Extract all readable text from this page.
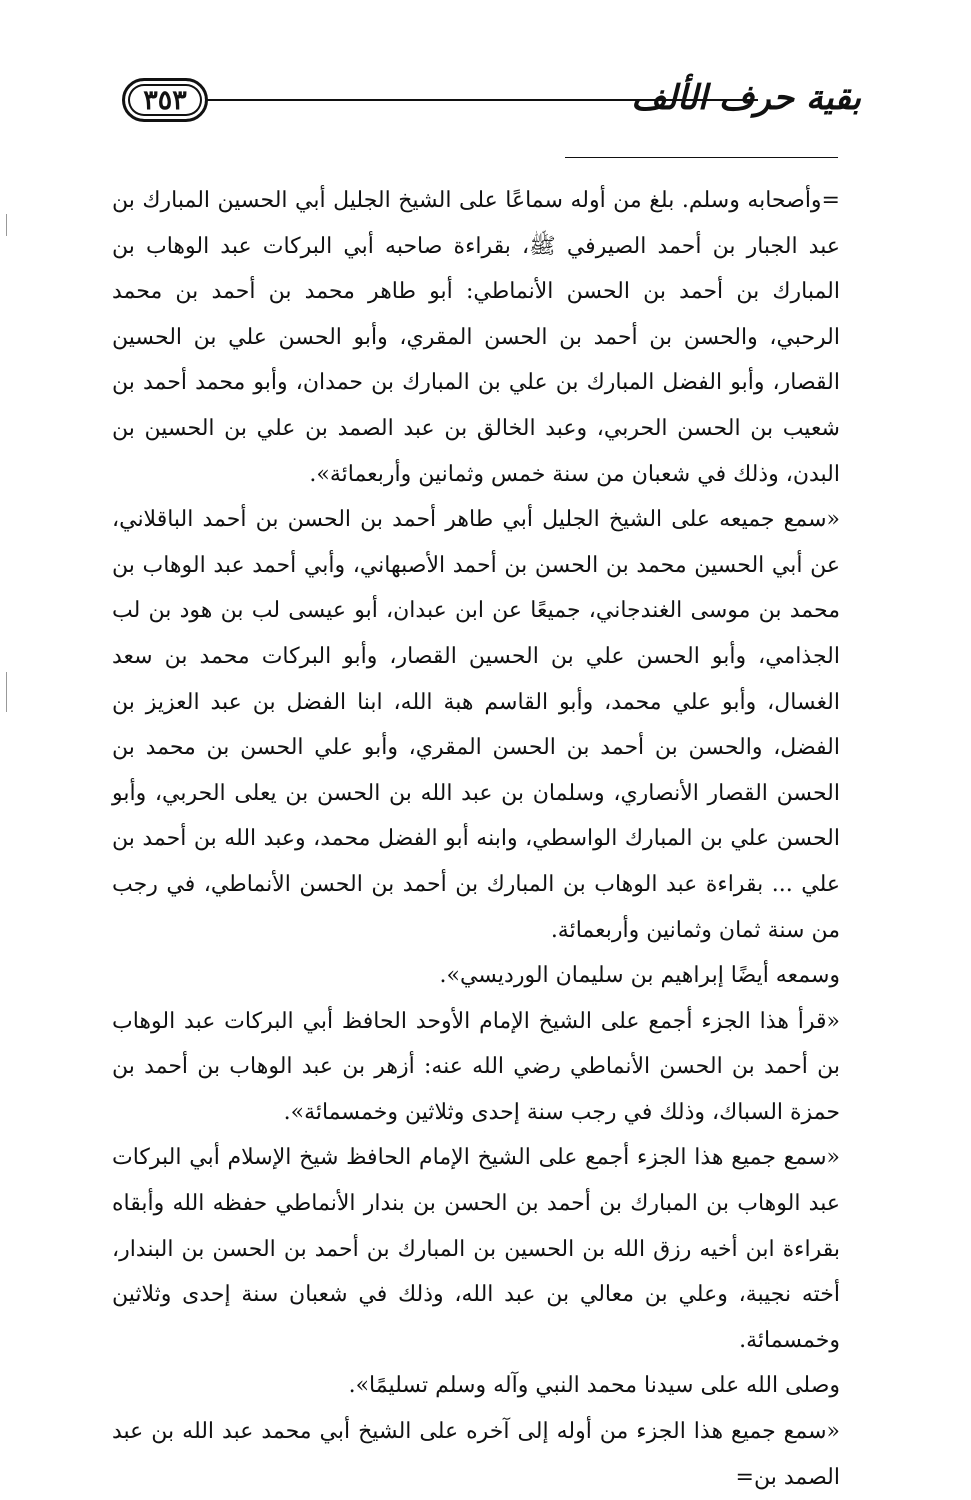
٣٥٣	بقية حرف الألف

=وأصحابه وسلم. بلغ من أوله سماعًا على الشيخ الجليل أبي الحسين المبارك بن عبد الجبار بن أحمد الصيرفي ﷺ، بقراءة صاحبه أبي البركات عبد الوهاب بن المبارك بن أحمد بن الحسن الأنماطي: أبو طاهر محمد بن أحمد بن محمد الرحبي، والحسن بن أحمد بن الحسن المقري، وأبو الحسن علي بن الحسين القصار، وأبو الفضل المبارك بن علي بن المبارك بن حمدان، وأبو محمد أحمد بن شعيب بن الحسن الحربي، وعبد الخالق بن عبد الصمد بن علي بن الحسين بن البدن، وذلك في شعبان من سنة خمس وثمانين وأربعمائة».

«سمع جميعه على الشيخ الجليل أبي طاهر أحمد بن الحسن بن أحمد الباقلاني، عن أبي الحسين محمد بن الحسن بن أحمد الأصبهاني، وأبي أحمد عبد الوهاب بن محمد بن موسى الغندجاني، جميعًا عن ابن عبدان، أبو عيسى لب بن هود بن لب الجذامي، وأبو الحسن علي بن الحسين القصار، وأبو البركات محمد بن سعد الغسال، وأبو علي محمد، وأبو القاسم هبة الله، ابنا الفضل بن عبد العزيز بن الفضل، والحسن بن أحمد بن الحسن المقري، وأبو علي الحسن بن محمد بن الحسن القصار الأنصاري، وسلمان بن عبد الله بن الحسن بن يعلى الحربي، وأبو الحسن علي بن المبارك الواسطي، وابنه أبو الفضل محمد، وعبد الله بن أحمد بن علي ... بقراءة عبد الوهاب بن المبارك بن أحمد بن الحسن الأنماطي، في رجب من سنة ثمان وثمانين وأربعمائة.

وسمعه أيضًا إبراهيم بن سليمان الورديسي».

«قرأ هذا الجزء أجمع على الشيخ الإمام الأوحد الحافظ أبي البركات عبد الوهاب بن أحمد بن الحسن الأنماطي رضي الله عنه: أزهر بن عبد الوهاب بن أحمد بن حمزة السباك، وذلك في رجب سنة إحدى وثلاثين وخمسمائة».

«سمع جميع هذا الجزء أجمع على الشيخ الإمام الحافظ شيخ الإسلام أبي البركات عبد الوهاب بن المبارك بن أحمد بن الحسن بن بندار الأنماطي حفظه الله وأبقاه بقراءة ابن أخيه رزق الله بن الحسين بن المبارك بن أحمد بن الحسن بن البندار، أخته نجيبة، وعلي بن معالي بن عبد الله، وذلك في شعبان سنة إحدى وثلاثين وخمسمائة.

وصلى الله على سيدنا محمد النبي وآله وسلم تسليمًا».

«سمع جميع هذا الجزء من أوله إلى آخره على الشيخ أبي محمد عبد الله بن عبد الصمد بن=
